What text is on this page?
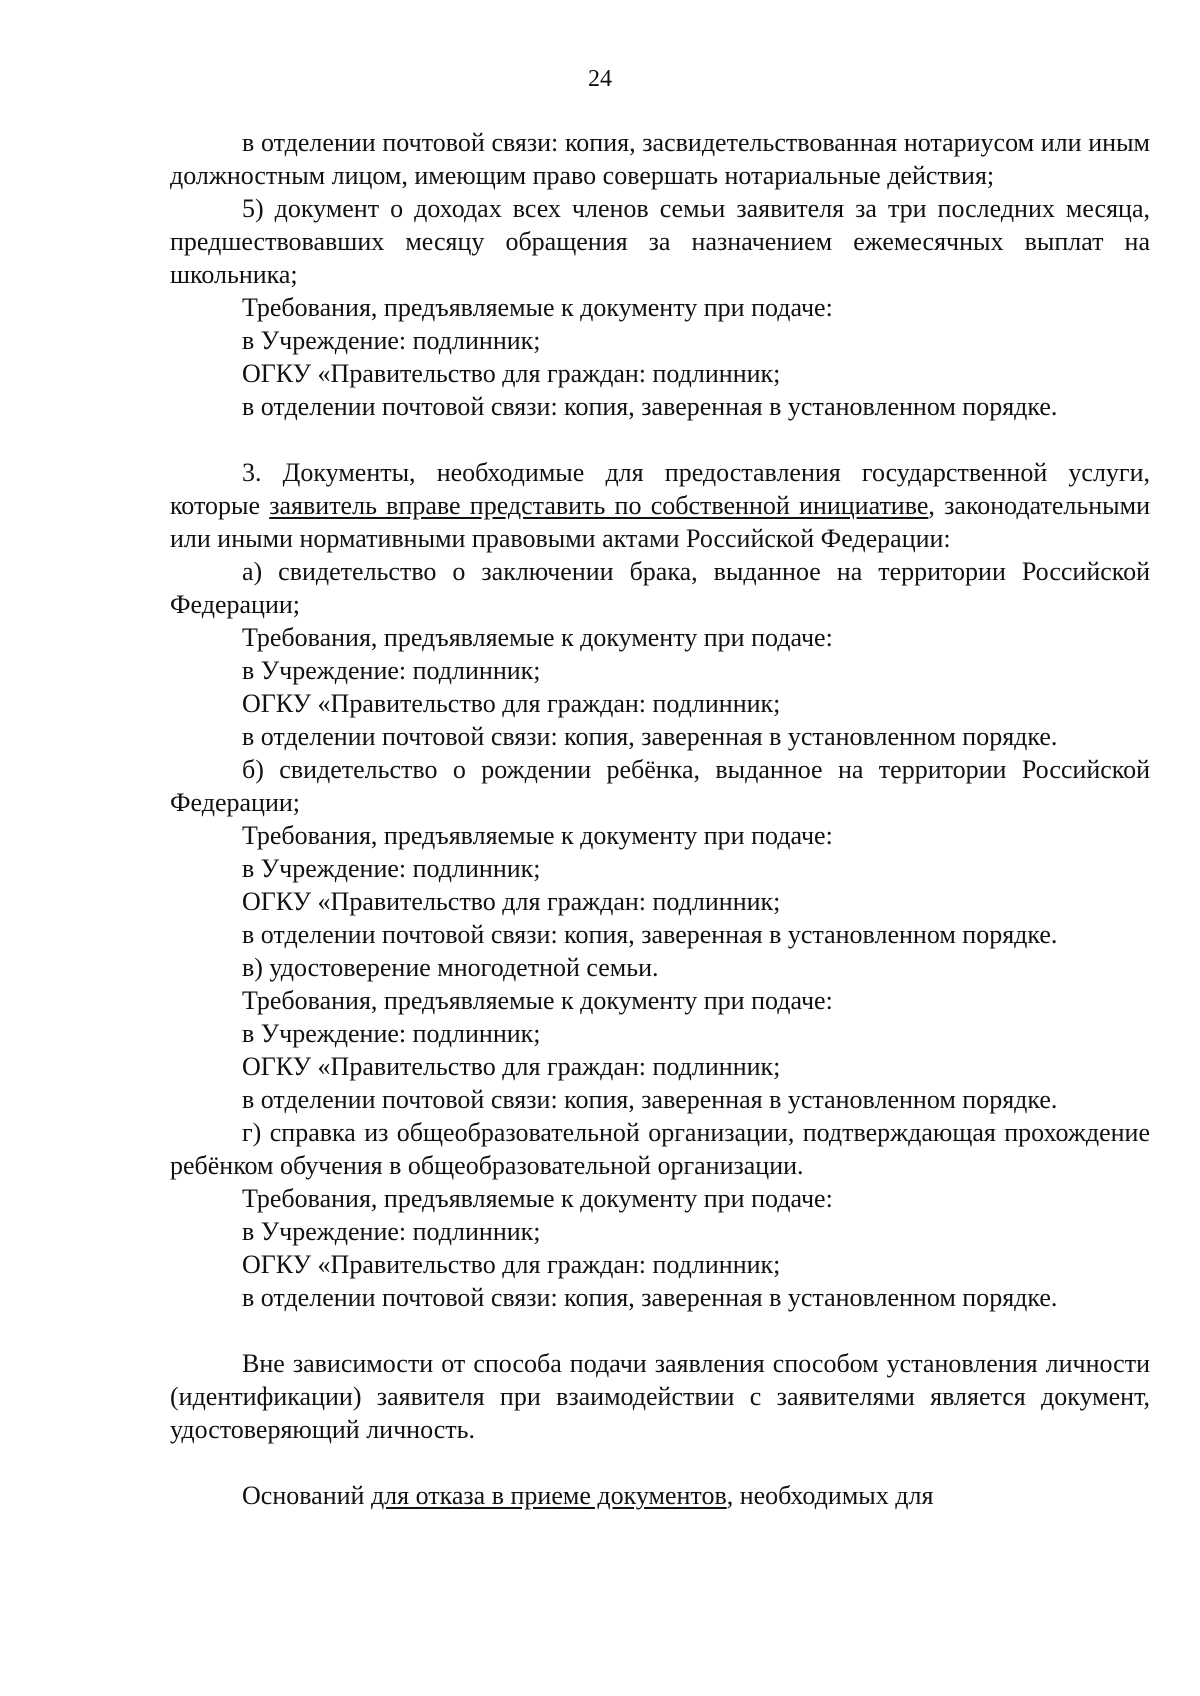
24

в отделении почтовой связи: копия, засвидетельствованная нотариусом или иным должностным лицом, имеющим право совершать нотариальные действия;

5) документ о доходах всех членов семьи заявителя за три последних месяца, предшествовавших месяцу обращения за назначением ежемесячных выплат на школьника;

Требования, предъявляемые к документу при подаче:

в Учреждение: подлинник;

ОГКУ «Правительство для граждан: подлинник;

в отделении почтовой связи: копия, заверенная в установленном порядке.

3. Документы, необходимые для предоставления государственной услуги, которые заявитель вправе представить по собственной инициативе, законодательными или иными нормативными правовыми актами Российской Федерации:

а) свидетельство о заключении брака, выданное на территории Российской Федерации;

Требования, предъявляемые к документу при подаче:

в Учреждение: подлинник;

ОГКУ «Правительство для граждан: подлинник;

в отделении почтовой связи: копия, заверенная в установленном порядке.

б) свидетельство о рождении ребёнка, выданное на территории Российской Федерации;

Требования, предъявляемые к документу при подаче:

в Учреждение: подлинник;

ОГКУ «Правительство для граждан: подлинник;

в отделении почтовой связи: копия, заверенная в установленном порядке.

в) удостоверение многодетной семьи.

Требования, предъявляемые к документу при подаче:

в Учреждение: подлинник;

ОГКУ «Правительство для граждан: подлинник;

в отделении почтовой связи: копия, заверенная в установленном порядке.

г) справка из общеобразовательной организации, подтверждающая прохождение ребёнком обучения в общеобразовательной организации.

Требования, предъявляемые к документу при подаче:

в Учреждение: подлинник;

ОГКУ «Правительство для граждан: подлинник;

в отделении почтовой связи: копия, заверенная в установленном порядке.

Вне зависимости от способа подачи заявления способом установления личности (идентификации) заявителя при взаимодействии с заявителями является документ, удостоверяющий личность.

Оснований для отказа в приеме документов, необходимых для
